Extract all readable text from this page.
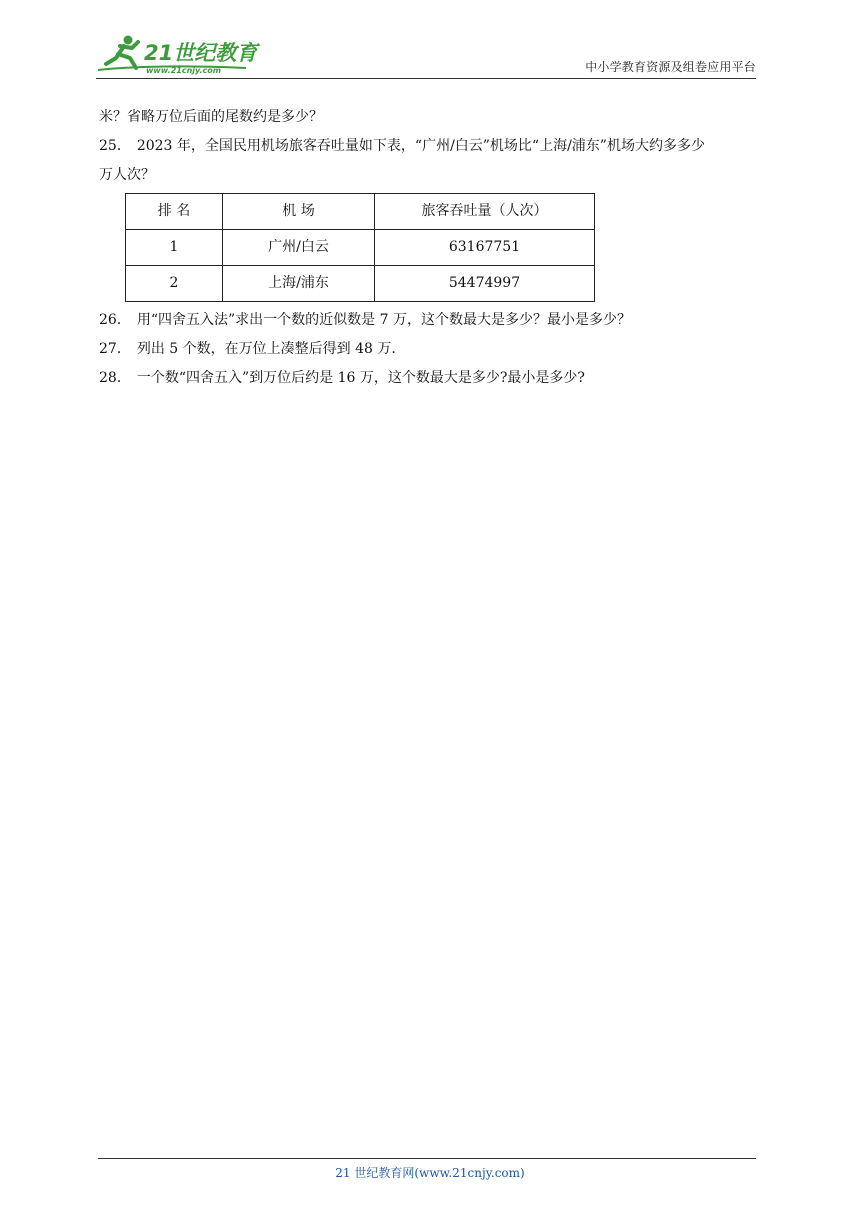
21世纪教育
www.21cnjy.com	中小学教育资源及组卷应用平台

米？省略万位后面的尾数约是多少？

25． 2023 年，全国民用机场旅客吞吐量如下表，“广州/白云”机场比“上海/浦东”机场大约多多少

万人次？

排 名	机 场	旅客吞吐量（人次）
1	广州/白云	63167751
2	上海/浦东	54474997

26． 用“四舍五入法”求出一个数的近似数是 7 万，这个数最大是多少？最小是多少？

27． 列出 5 个数，在万位上凑整后得到 48 万.

28． 一个数“四舍五入”到万位后约是 16 万，这个数最大是多少?最小是多少?

21 世纪教育网(www.21cnjy.com)
